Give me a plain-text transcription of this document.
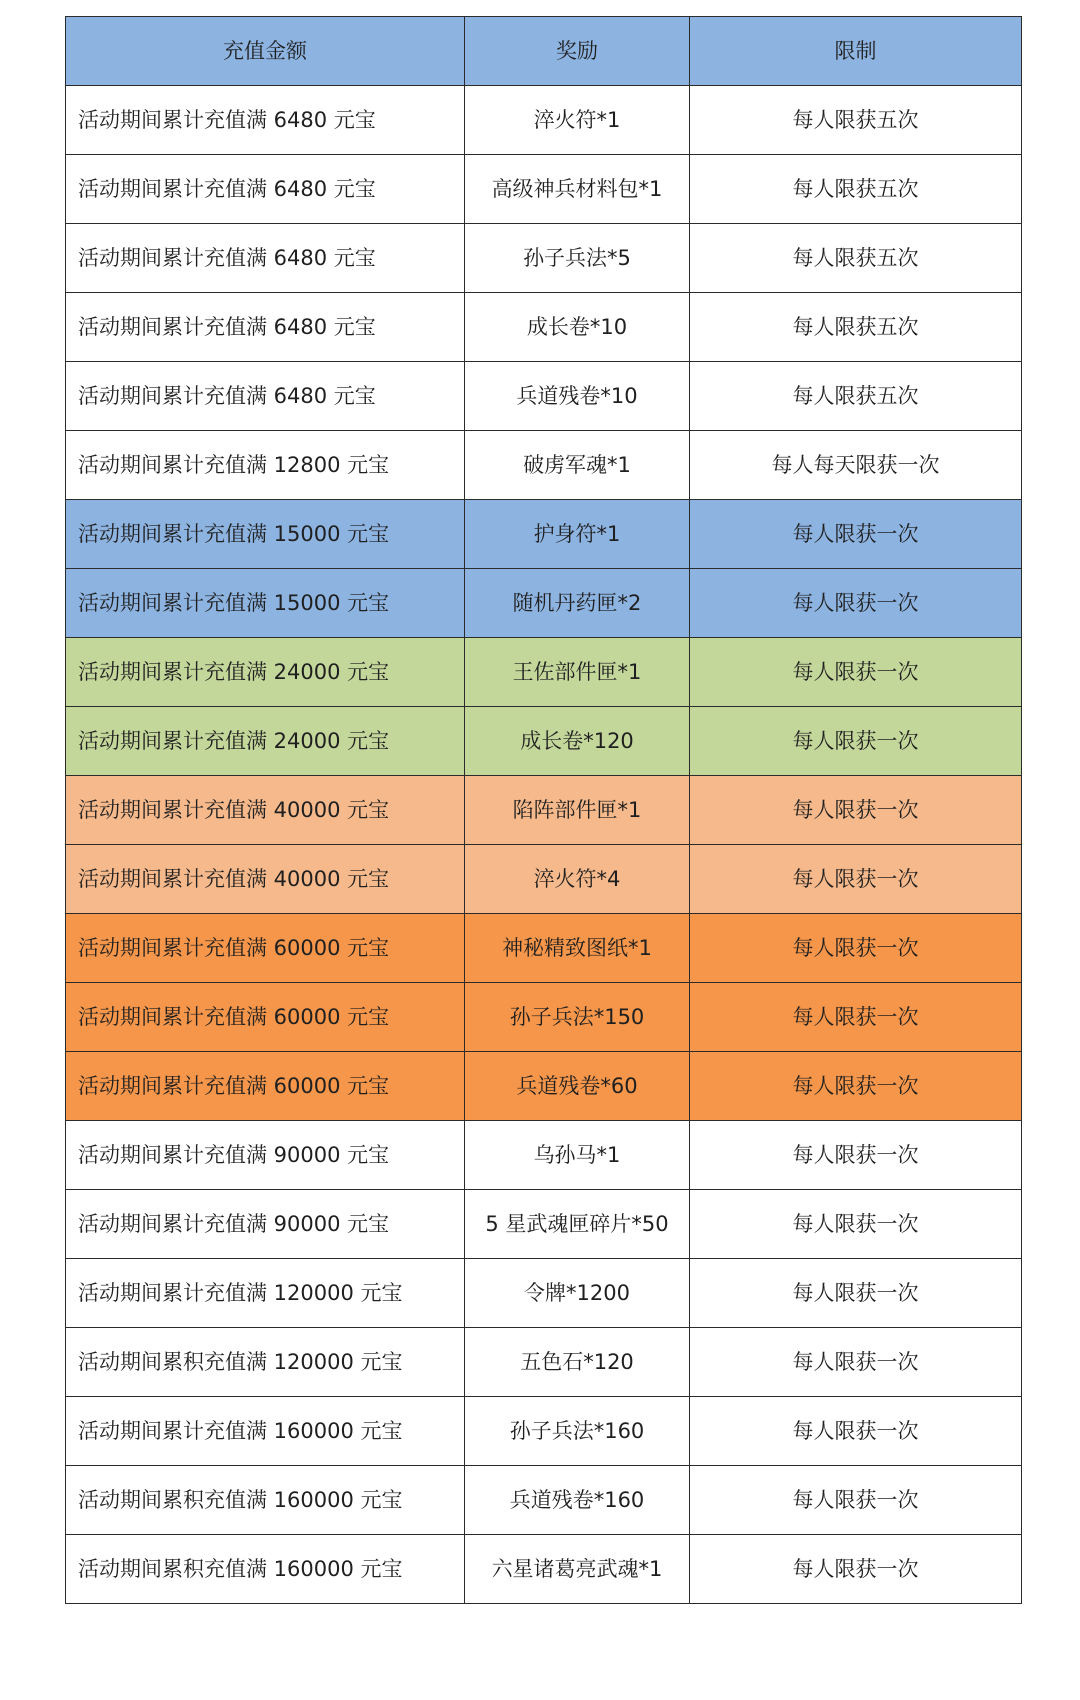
充值金额	奖励	限制
活动期间累计充值满 6480 元宝	淬火符*1	每人限获五次
活动期间累计充值满 6480 元宝	高级神兵材料包*1	每人限获五次
活动期间累计充值满 6480 元宝	孙子兵法*5	每人限获五次
活动期间累计充值满 6480 元宝	成长卷*10	每人限获五次
活动期间累计充值满 6480 元宝	兵道残卷*10	每人限获五次
活动期间累计充值满 12800 元宝	破虏军魂*1	每人每天限获一次
活动期间累计充值满 15000 元宝	护身符*1	每人限获一次
活动期间累计充值满 15000 元宝	随机丹药匣*2	每人限获一次
活动期间累计充值满 24000 元宝	王佐部件匣*1	每人限获一次
活动期间累计充值满 24000 元宝	成长卷*120	每人限获一次
活动期间累计充值满 40000 元宝	陷阵部件匣*1	每人限获一次
活动期间累计充值满 40000 元宝	淬火符*4	每人限获一次
活动期间累计充值满 60000 元宝	神秘精致图纸*1	每人限获一次
活动期间累计充值满 60000 元宝	孙子兵法*150	每人限获一次
活动期间累计充值满 60000 元宝	兵道残卷*60	每人限获一次
活动期间累计充值满 90000 元宝	乌孙马*1	每人限获一次
活动期间累计充值满 90000 元宝	5 星武魂匣碎片*50	每人限获一次
活动期间累计充值满 120000 元宝	令牌*1200	每人限获一次
活动期间累积充值满 120000 元宝	五色石*120	每人限获一次
活动期间累计充值满 160000 元宝	孙子兵法*160	每人限获一次
活动期间累积充值满 160000 元宝	兵道残卷*160	每人限获一次
活动期间累积充值满 160000 元宝	六星诸葛亮武魂*1	每人限获一次
